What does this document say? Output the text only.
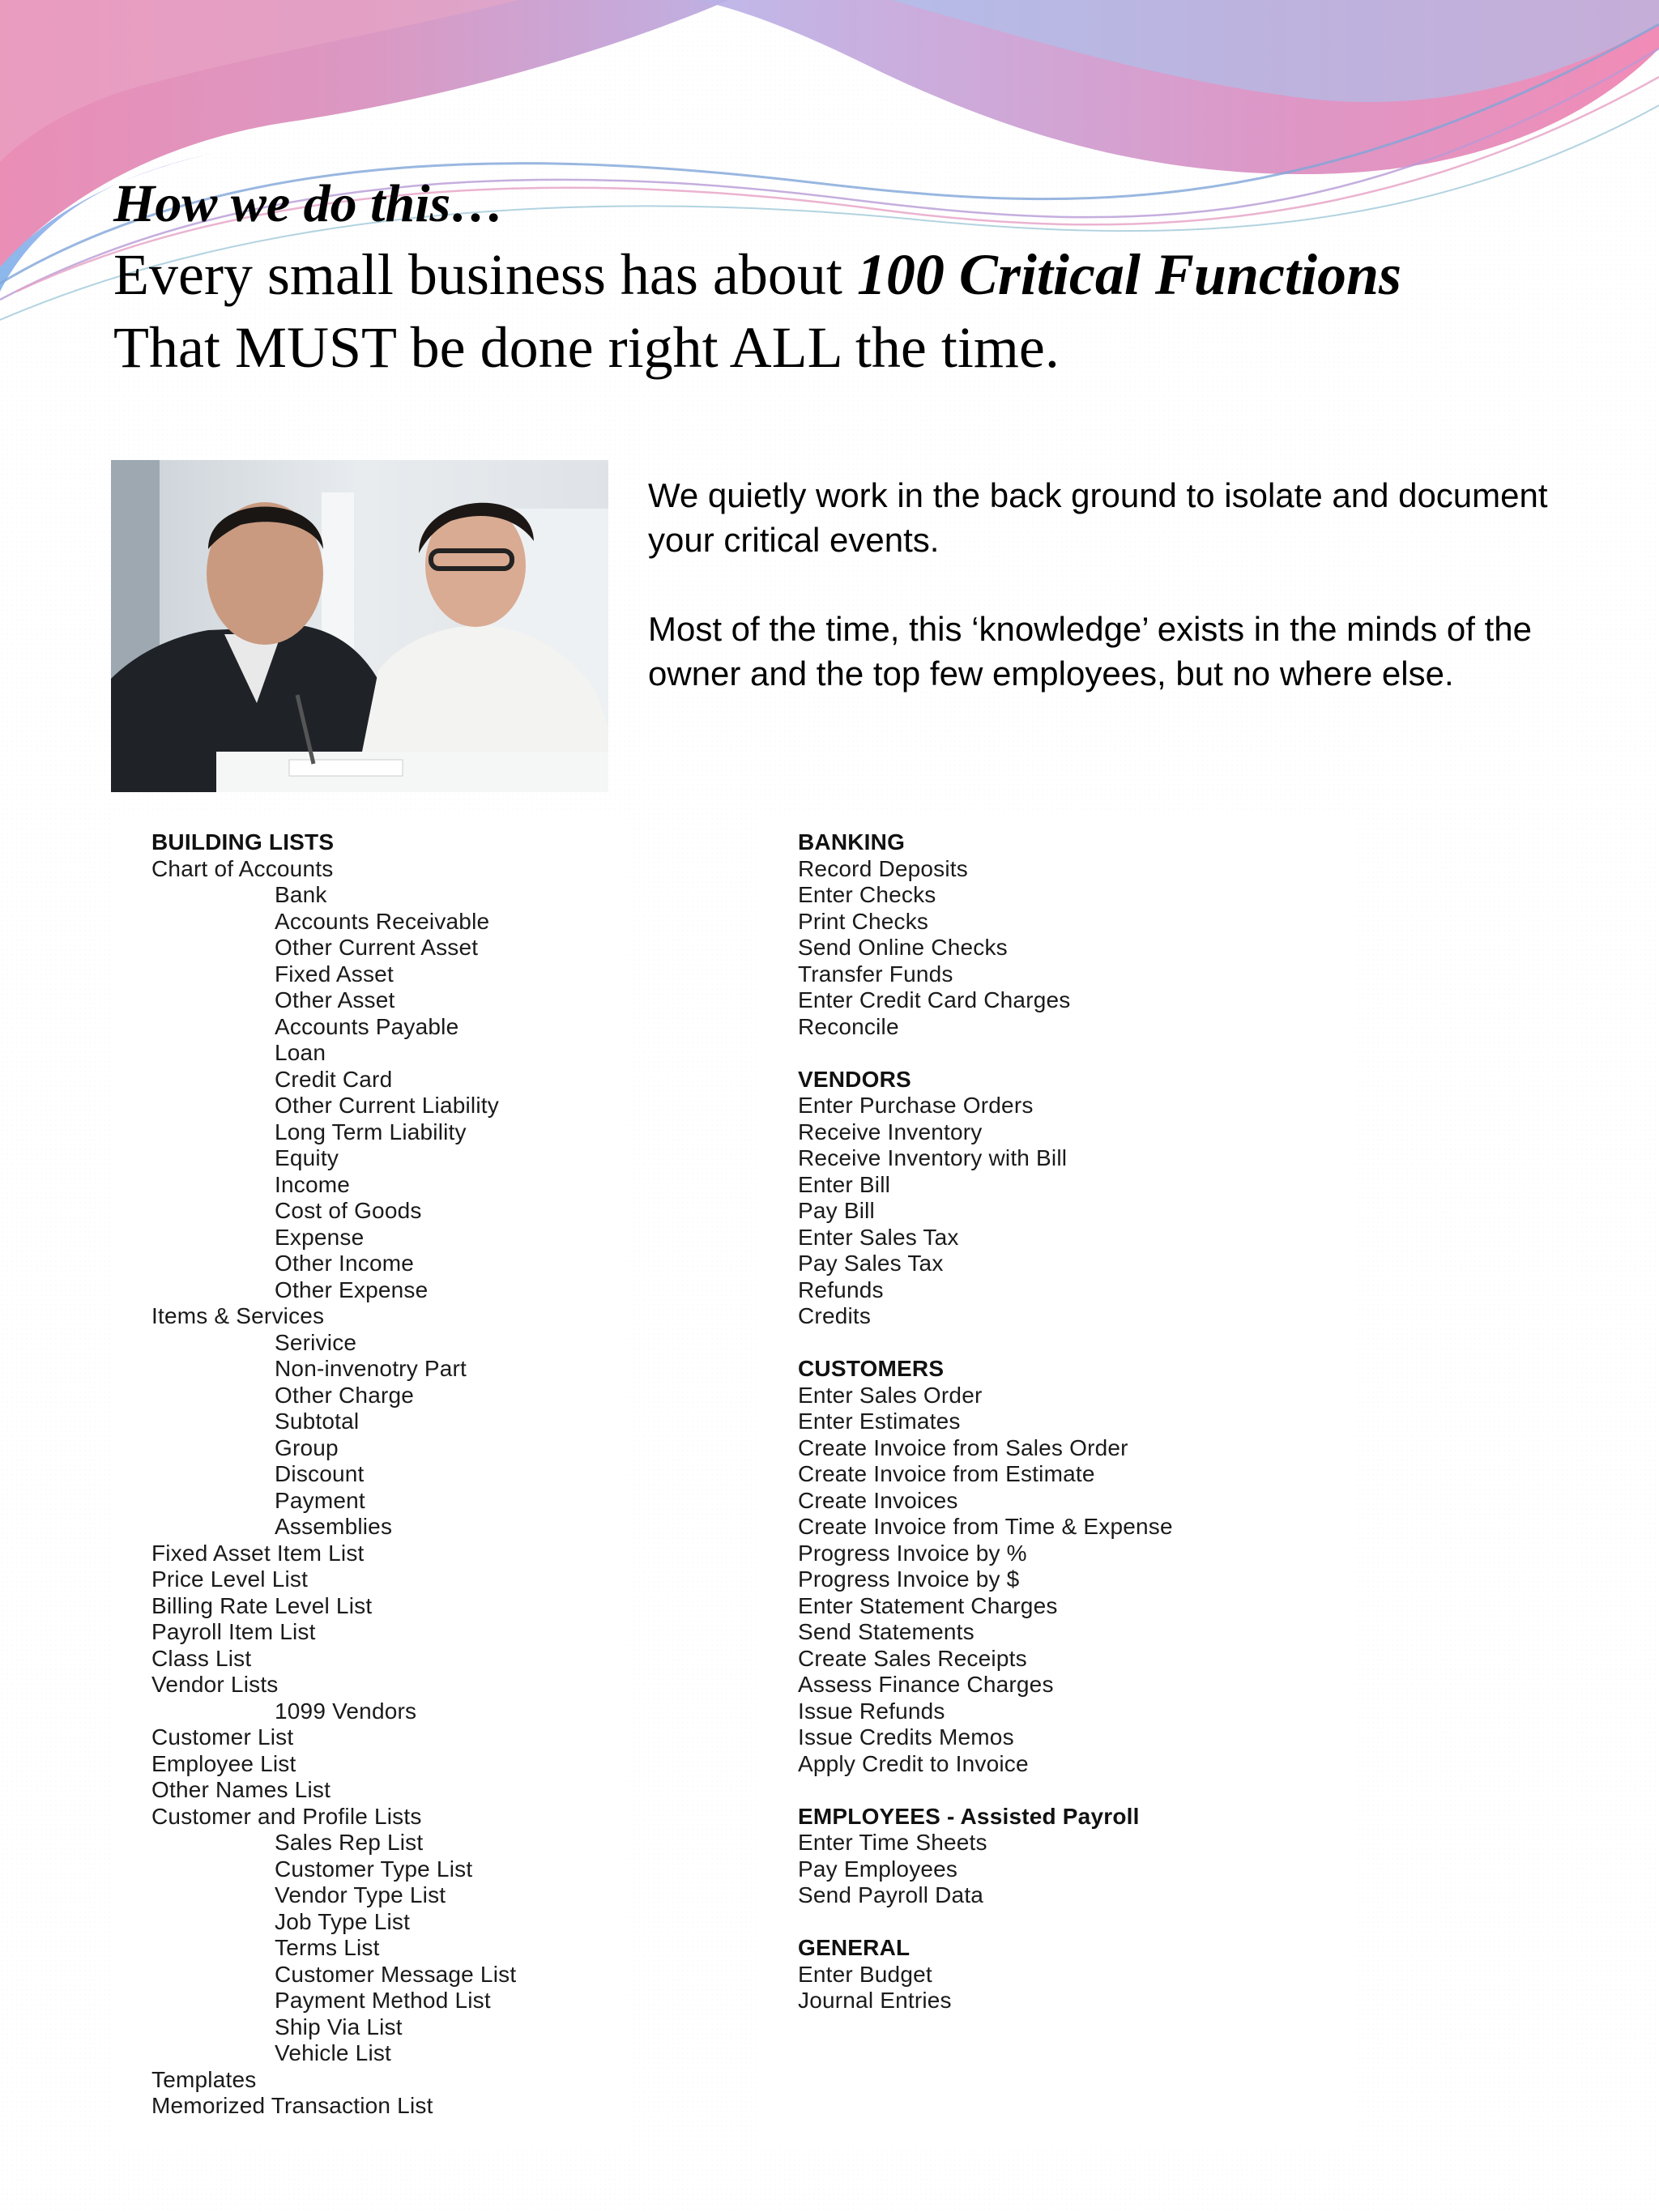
How we do this…
Every small business has about 100 Critical Functions
That MUST be done right ALL the time.

We quietly work in the back ground to isolate and document your critical events.

Most of the time, this ‘knowledge’ exists in the minds of the owner and the top few employees, but no where else.

BUILDING LISTS
Chart of Accounts
Bank
Accounts Receivable
Other Current Asset
Fixed Asset
Other Asset
Accounts Payable
Loan
Credit Card
Other Current Liability
Long Term Liability
Equity
Income
Cost of Goods
Expense
Other Income
Other Expense
Items & Services
Serivice
Non-invenotry Part
Other Charge
Subtotal
Group
Discount
Payment
Assemblies
Fixed Asset Item List
Price Level List
Billing Rate Level List
Payroll Item List
Class List
Vendor Lists
1099 Vendors
Customer List
Employee List
Other Names List
Customer and Profile Lists
Sales Rep List
Customer Type List
Vendor Type List
Job Type List
Terms List
Customer Message List
Payment Method List
Ship Via List
Vehicle List
Templates
Memorized Transaction List
BANKING
Record Deposits
Enter Checks
Print Checks
Send Online Checks
Transfer Funds
Enter Credit Card Charges
Reconcile
VENDORS
Enter Purchase Orders
Receive Inventory
Receive Inventory with Bill
Enter Bill
Pay Bill
Enter Sales Tax
Pay Sales Tax
Refunds
Credits
CUSTOMERS
Enter Sales Order
Enter Estimates
Create Invoice from Sales Order
Create Invoice from Estimate
Create Invoices
Create Invoice from Time & Expense
Progress Invoice by %
Progress Invoice by $
Enter Statement Charges
Send Statements
Create Sales Receipts
Assess Finance Charges
Issue Refunds
Issue Credits Memos
Apply Credit to Invoice
EMPLOYEES - Assisted Payroll
Enter Time Sheets
Pay Employees
Send Payroll Data
GENERAL
Enter Budget
Journal Entries
